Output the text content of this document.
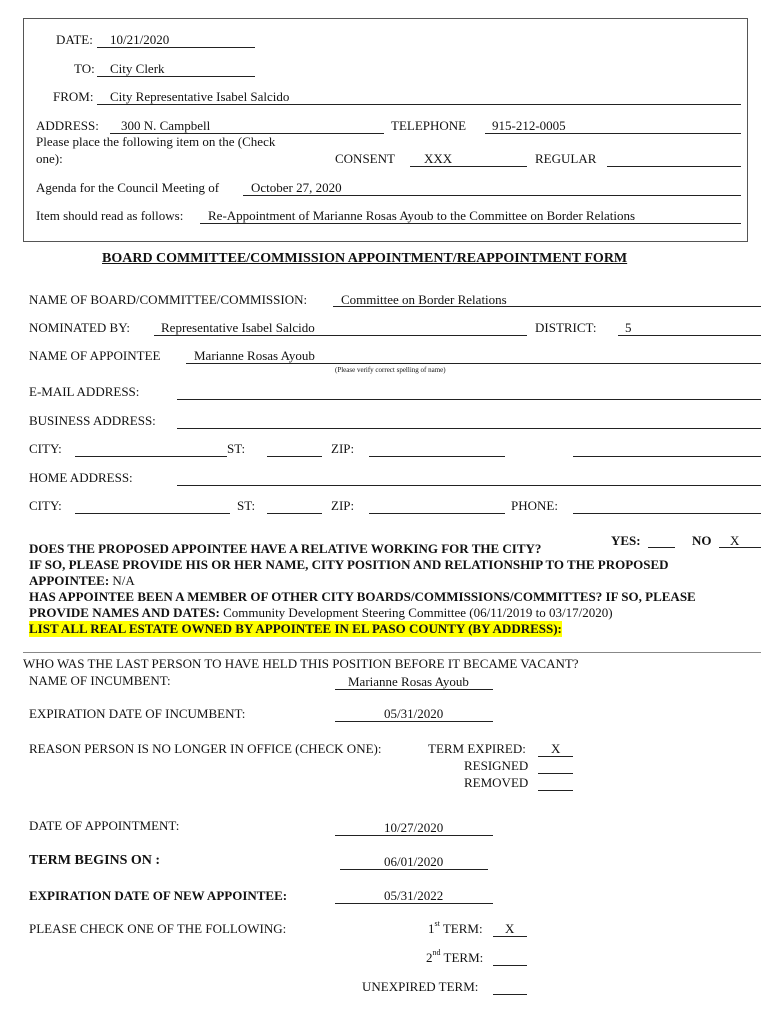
DATE: 10/21/2020
TO: City Clerk
FROM: City Representative Isabel Salcido
ADDRESS: 300 N. Campbell	TELEPHONE 915-212-0005
Please place the following item on the (Check
one):	CONSENT XXX	REGULAR
Agenda for the Council Meeting of October 27, 2020
Item should read as follows: Re-Appointment of Marianne Rosas Ayoub to the Committee on Border Relations
BOARD COMMITTEE/COMMISSION APPOINTMENT/REAPPOINTMENT FORM
NAME OF BOARD/COMMITTEE/COMMISSION:	Committee on Border Relations
NOMINATED BY: Representative Isabel Salcido	DISTRICT: 5
NAME OF APPOINTEE	Marianne Rosas Ayoub
(Please verify correct spelling of name)
E-MAIL ADDRESS:
BUSINESS ADDRESS:
CITY:	ST:	ZIP:
HOME ADDRESS:
CITY:	ST:	ZIP:	PHONE:
YES:	NO X
DOES THE PROPOSED APPOINTEE HAVE A RELATIVE WORKING FOR THE CITY?
IF SO, PLEASE PROVIDE HIS OR HER NAME, CITY POSITION AND RELATIONSHIP TO THE PROPOSED
APPOINTEE: N/A
HAS APPOINTEE BEEN A MEMBER OF OTHER CITY BOARDS/COMMISSIONS/COMMITTES? IF SO, PLEASE
PROVIDE NAMES AND DATES: Community Development Steering Committee (06/11/2019 to 03/17/2020)
LIST ALL REAL ESTATE OWNED BY APPOINTEE IN EL PASO COUNTY (BY ADDRESS):
WHO WAS THE LAST PERSON TO HAVE HELD THIS POSITION BEFORE IT BECAME VACANT?
NAME OF INCUMBENT:	Marianne Rosas Ayoub
EXPIRATION DATE OF INCUMBENT:	05/31/2020
REASON PERSON IS NO LONGER IN OFFICE (CHECK ONE):	TERM EXPIRED: X
RESIGNED
REMOVED
DATE OF APPOINTMENT:	10/27/2020
TERM BEGINS ON :	06/01/2020
EXPIRATION DATE OF NEW APPOINTEE:	05/31/2022
PLEASE CHECK ONE OF THE FOLLOWING:	1st TERM: X
2nd TERM:
UNEXPIRED TERM:
